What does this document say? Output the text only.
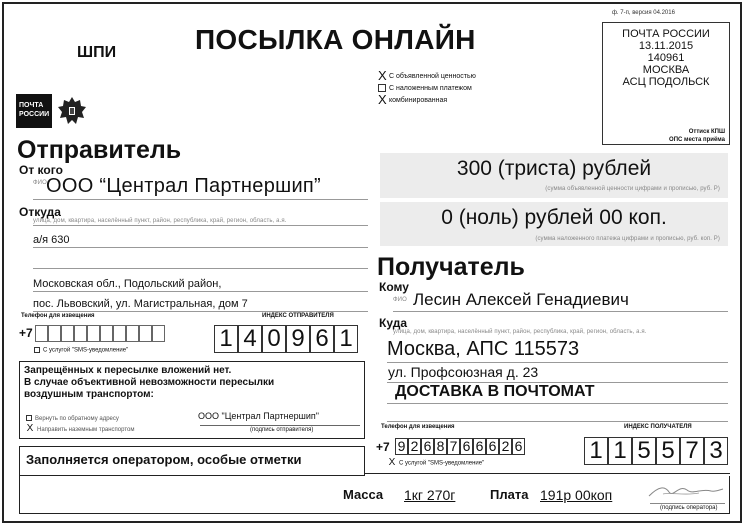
ШПИ	ПОСЫЛКА ОНЛАЙН
ф. 7-п, версия 04.2016
ПОЧТА
РОССИИ
ПОЧТА РОССИИ
13.11.2015
140961
МОСКВА
АСЦ ПОДОЛЬСК
Оттиск КПШ
ОПС места приёма
X С объявленной ценностью
С наложенным платежом
Xкомбинированная
Отправитель
От кого
ФИО ООО “Централ Партнершип”
Откуда
улица, дом, квартира, населённый пункт, район, республика, край, регион, область, а.я.
а/я 630
Московская обл., Подольский район,
пос. Львовский, ул. Магистральная, дом 7
Телефон для извещения	ИНДЕКС ОТПРАВИТЕЛЯ
+7
С услугой "SMS-уведомление"	1 4 0 9 6 1
300 (триста) рублей
(сумма объявленной ценности цифрами и прописью, руб. Р)
0 (ноль) рублей 00 коп.
(сумма наложенного платежа цифрами и прописью, руб. коп. Р)
Получатель
Кому
ФИО Лесин Алексей Генадиевич
Куда
улица, дом, квартира, населённый пункт, район, республика, край, регион, область, а.я.
Москва, АПС 115573
ул. Профсоюзная д. 23
ДОСТАВКА В ПОЧТОМАТ
Телефон для извещения	ИНДЕКС ПОЛУЧАТЕЛЯ
+7 9 2 6 8 7 6 6 6 2 6
X С услугой "SMS-уведомление"	1 1 5 5 7 3
Запрещённых к пересылке вложений нет.
В случае объективной невозможности пересылки
воздушным транспортом:
Вернуть по обратному адресу
X Направить наземным транспортом
ООО "Централ Партнершип"
(подпись отправителя)
Заполняется оператором, особые отметки
Масса 1кг 270г	Плата 191р 00коп
(подпись оператора)
